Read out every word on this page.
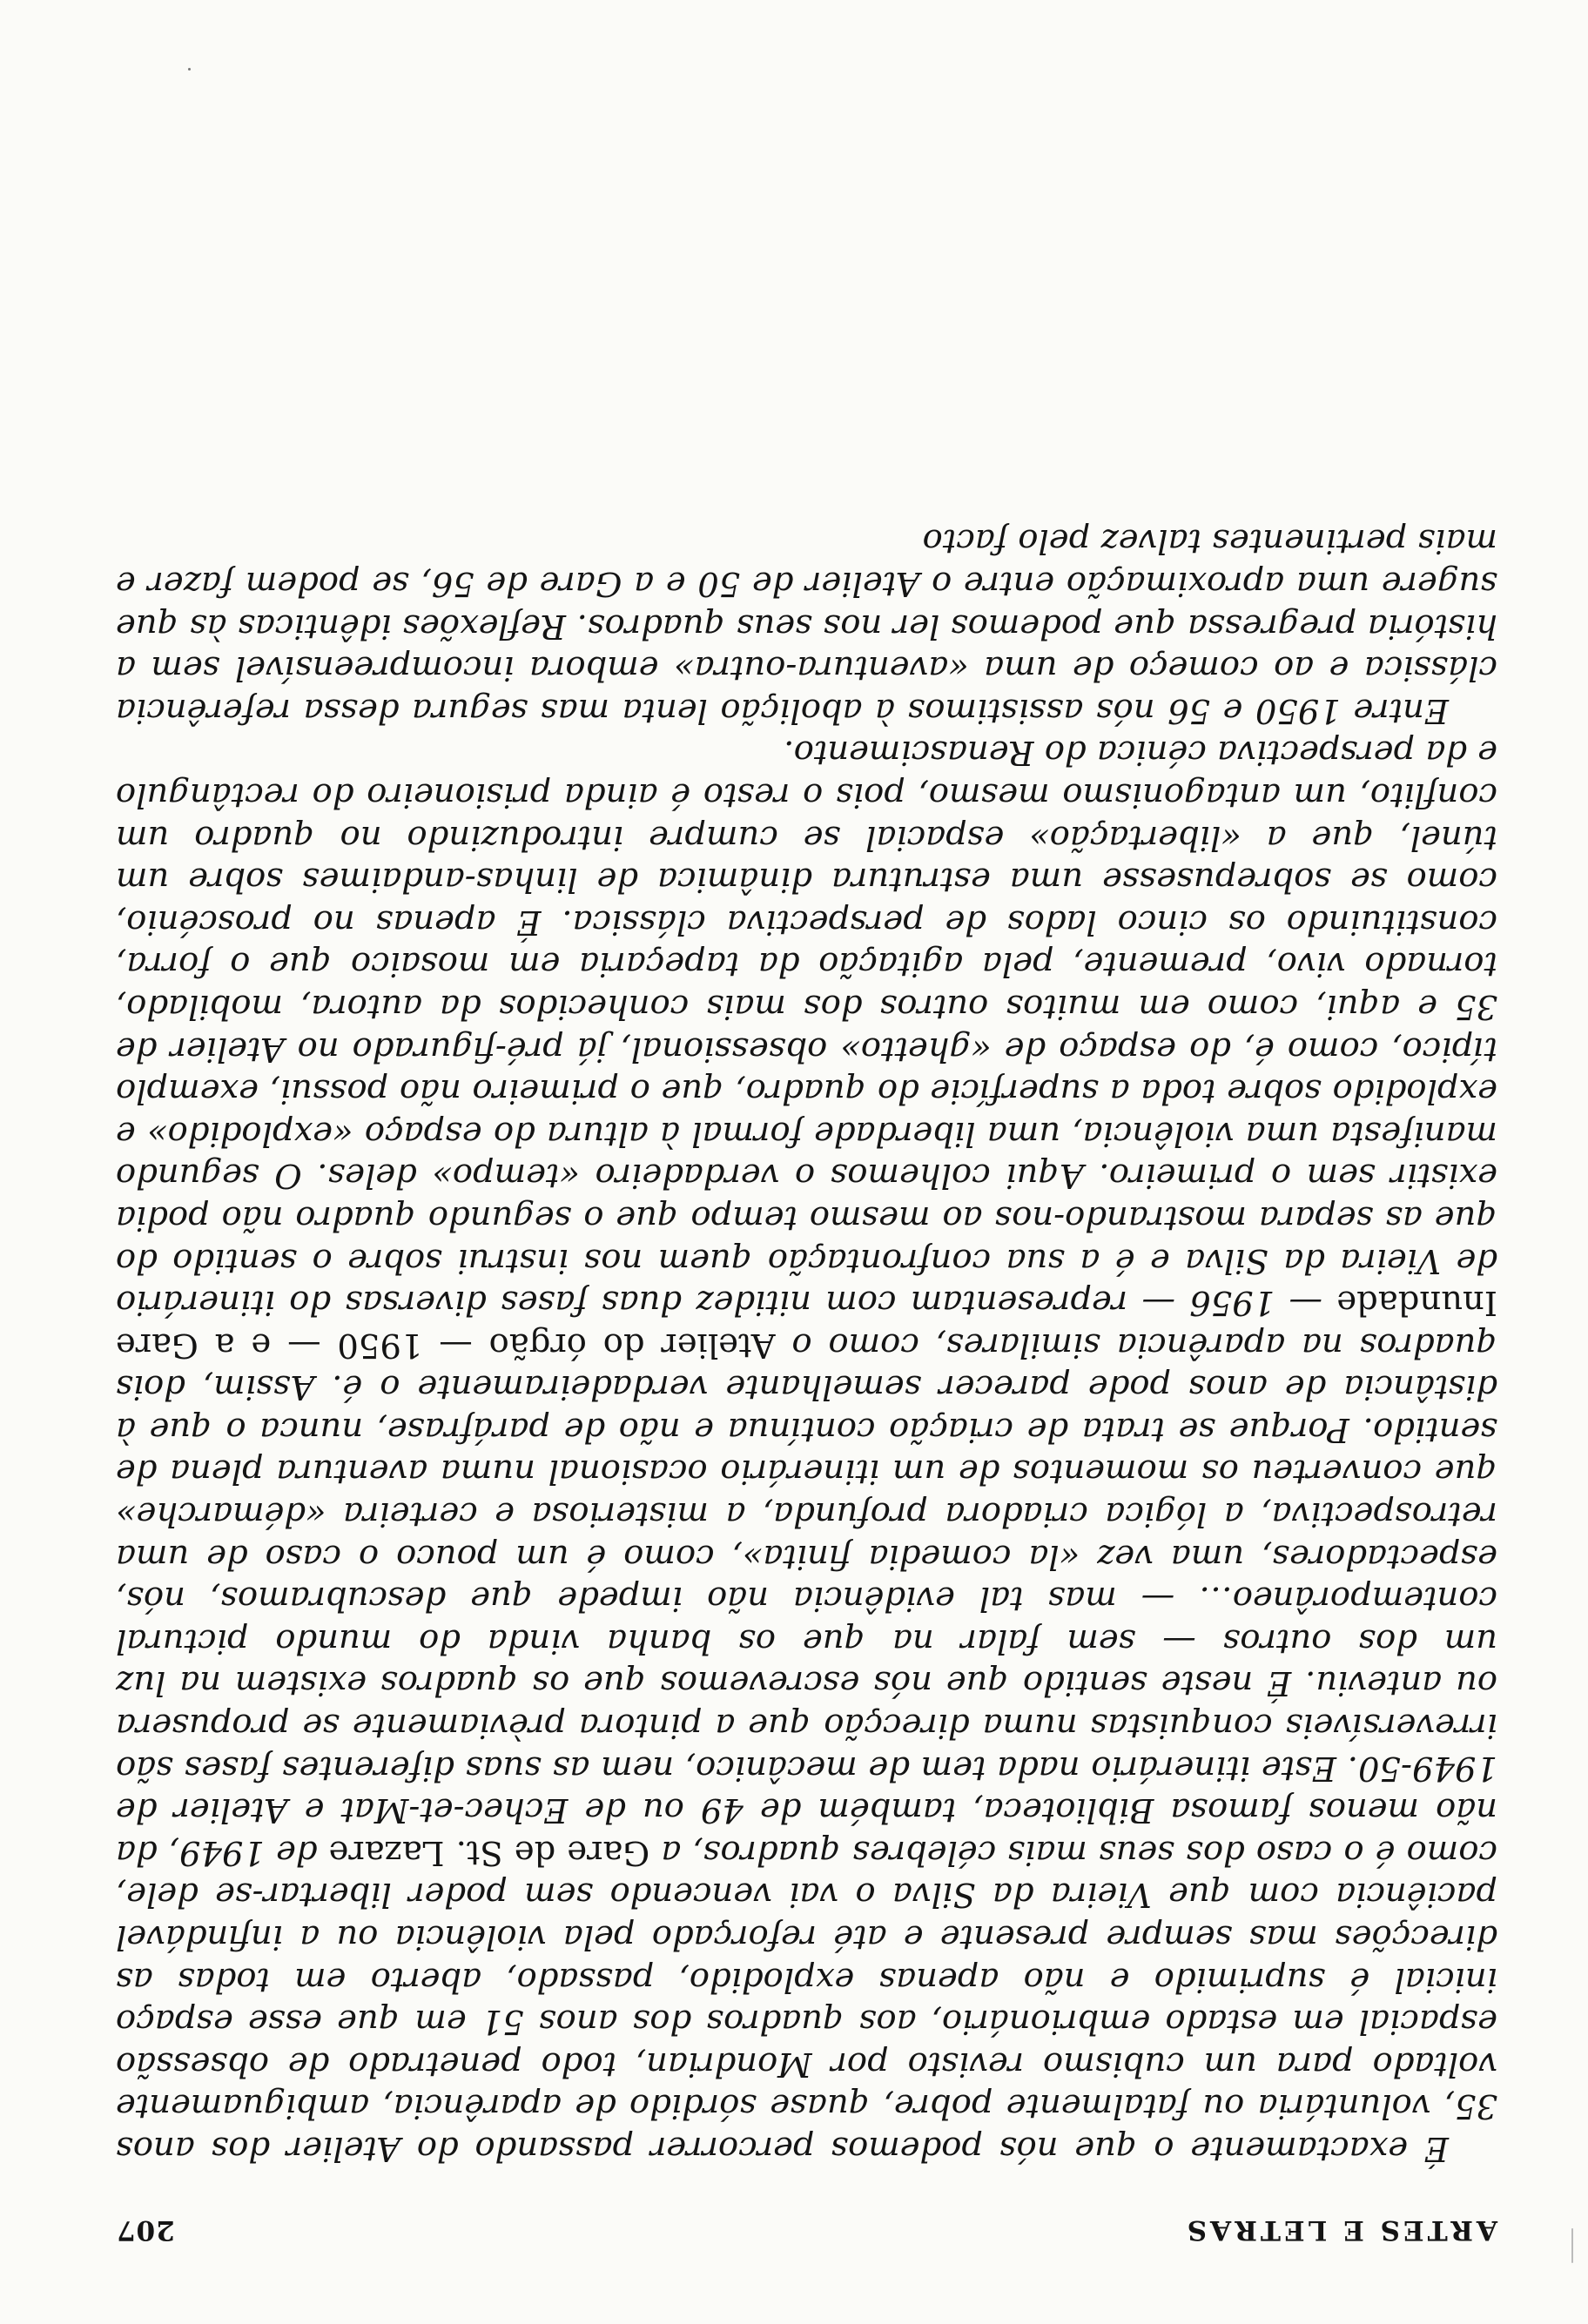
ARTES E LETRAS
207

É exactamente o que nós podemos percorrer passando do Atelier dos anos 35, voluntária ou fatalmente pobre, quase sórdido de aparência, ambiguamente voltado para um cubismo revisto por Mondrian, todo penetrado de obsessão espacial em estado embrionário, aos quadros dos anos 51 em que esse espaço inicial é suprimido e não apenas explodido, passado, aberto em todas as direcções mas sempre presente e até reforçado pela violência ou a infindável paciência com que Vieira da Silva o vai vencendo sem poder libertar-se dele, como é o caso dos seus mais célebres quadros, a Gare de St. Lazare de 1949, da não menos famosa Biblioteca, também de 49 ou de Echec-et-Mat e Atelier de 1949-50. Este itinerário nada tem de mecânico, nem as suas diferentes fases são irreversíveis conquistas numa direcção que a pintora prèviamente se propusera ou anteviu. É neste sentido que nós escrevemos que os quadros existem na luz um dos outros — sem falar na que os banha vinda do mundo pictural contemporâneo… — mas tal evidência não impede que descubramos, nós, espectadores, uma vez «la comedia finita», como é um pouco o caso de uma retrospectiva, a lógica criadora profunda, a misteriosa e certeira «démarche» que converteu os momentos de um itinerário ocasional numa aventura plena de sentido. Porque se trata de criação contínua e não de paráfrase, nunca o que à distância de anos pode parecer semelhante verdadeiramente o é. Assim, dois quadros na aparência similares, como o Atelier do órgão — 1950 — e a Gare Inundade — 1956 — representam com nitidez duas fases diversas do itinerário de Vieira da Silva e é a sua confrontação quem nos instrui sobre o sentido do que as separa mostrando-nos ao mesmo tempo que o segundo quadro não podia existir sem o primeiro. Aqui colhemos o verdadeiro «tempo» deles. O segundo manifesta uma violência, uma liberdade formal à altura do espaço «explodido» e explodido sobre toda a superfície do quadro, que o primeiro não possui, exemplo típico, como é, do espaço de «ghetto» obsessional, já pré-figurado no Atelier de 35 e aqui, como em muitos outros dos mais conhecidos da autora, mobilado, tornado vivo, premente, pela agitação da tapeçaria em mosaico que o forra, constituindo os cinco lados de perspectiva clássica. É apenas no proscénio, como se sobrepusesse uma estrutura dinâmica de linhas-andaimes sobre um túnel, que a «libertação» espacial se cumpre introduzindo no quadro um conflito, um antagonismo mesmo, pois o resto é ainda prisioneiro do rectângulo e da perspectiva cénica do Renascimento.

Entre 1950 e 56 nós assistimos à abolição lenta mas segura dessa referência clássica e ao começo de uma «aventura-outra» embora incompreensível sem a história pregressa que podemos ler nos seus quadros. Reflexões idênticas às que sugere uma aproximação entre o Atelier de 50 e a Gare de 56, se podem fazer e mais pertinentes talvez pelo facto
